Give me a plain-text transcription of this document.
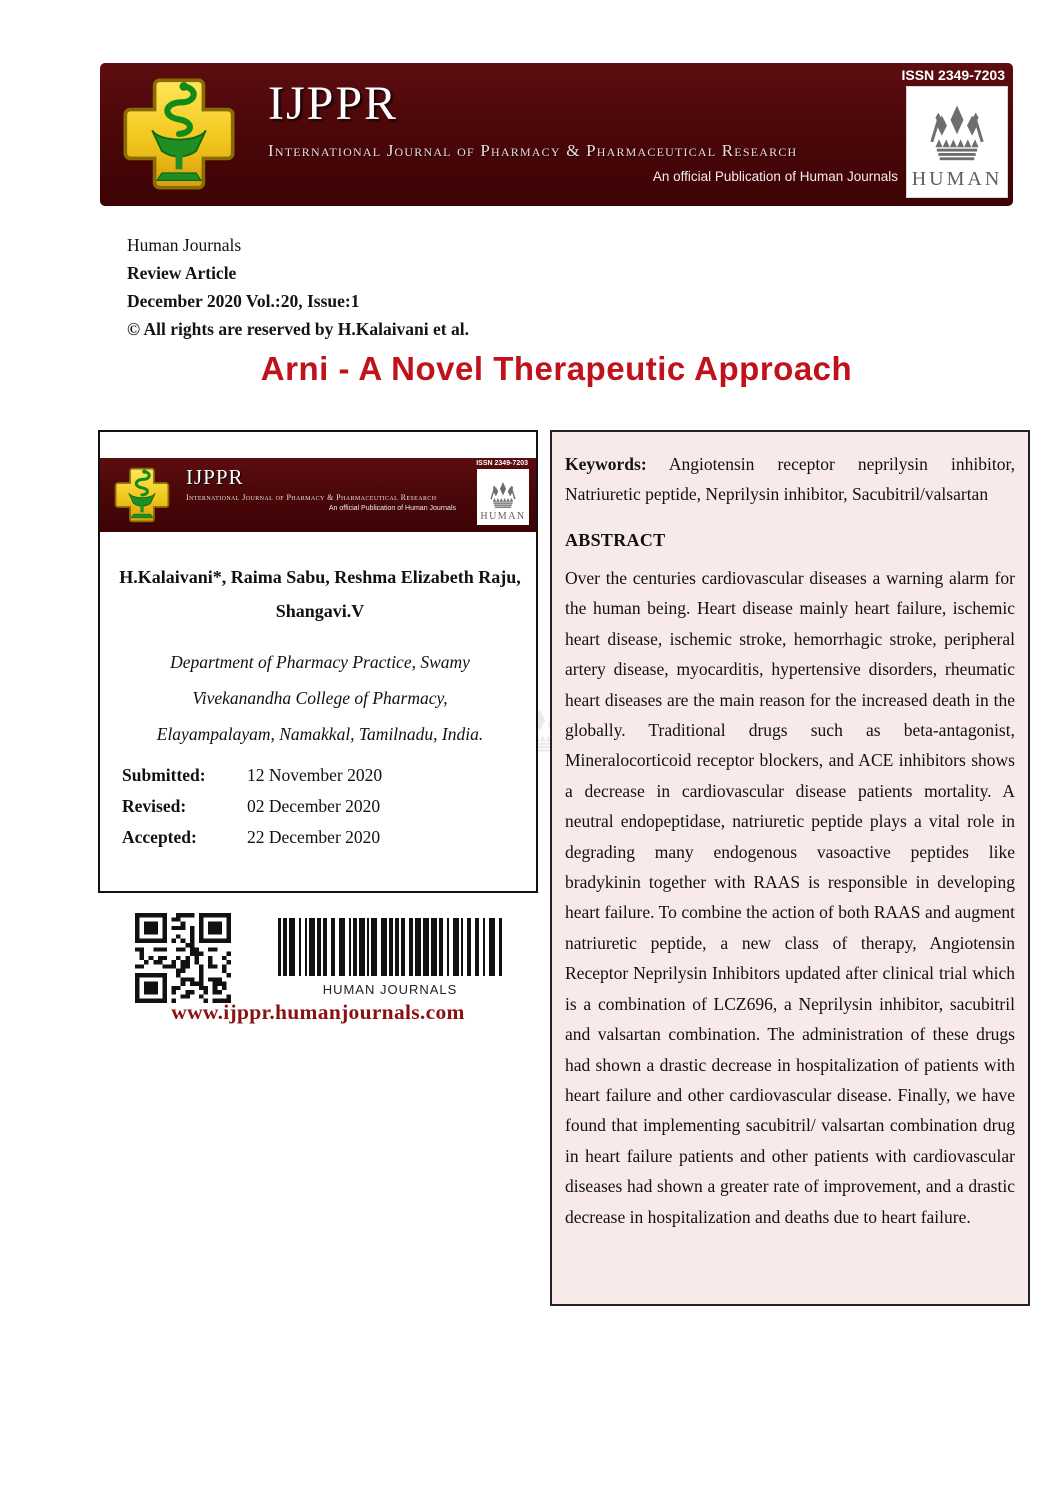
IJPPR
International Journal of Pharmacy & Pharmaceutical Research
An official Publication of Human Journals
ISSN 2349-7203
HUMAN
Human Journals
Review Article
December 2020 Vol.:20, Issue:1
© All rights are reserved by H.Kalaivani et al.
Arni - A Novel Therapeutic Approach
IJPPR
International Journal of Pharmacy & Pharmaceutical Research
An official Publication of Human Journals
ISSN 2349-7203
HUMAN
H.Kalaivani*, Raima Sabu, Reshma Elizabeth Raju,
Shangavi.V
Department of Pharmacy Practice, Swamy
Vivekanandha College of Pharmacy,
Elayampalayam, Namakkal, Tamilnadu, India.
Submitted:	12 November 2020
Revised:	02 December 2020
Accepted:	22 December 2020
HUMAN JOURNALS
www.ijppr.humanjournals.com

Keywords: Angiotensin receptor neprilysin inhibitor, Natriuretic peptide, Neprilysin inhibitor, Sacubitril/valsartan

ABSTRACT

Over the centuries cardiovascular diseases a warning alarm for the human being. Heart disease mainly heart failure, ischemic heart disease, ischemic stroke, hemorrhagic stroke, peripheral artery disease, myocarditis, hypertensive disorders, rheumatic heart diseases are the main reason for the increased death in the globally. Traditional drugs such as beta-antagonist, Mineralocorticoid receptor blockers, and ACE inhibitors shows a decrease in cardiovascular disease patients mortality. A neutral endopeptidase, natriuretic peptide plays a vital role in degrading many endogenous vasoactive peptides like bradykinin together with RAAS is responsible in developing heart failure. To combine the action of both RAAS and augment natriuretic peptide, a new class of therapy, Angiotensin Receptor Neprilysin Inhibitors updated after clinical trial which is a combination of LCZ696, a Neprilysin inhibitor, sacubitril and valsartan combination. The administration of these drugs had shown a drastic decrease in hospitalization of patients with heart failure and other cardiovascular disease. Finally, we have found that implementing sacubitril/ valsartan combination drug in heart failure patients and other patients with cardiovascular diseases had shown a greater rate of improvement, and a drastic decrease in hospitalization and deaths due to heart failure.
